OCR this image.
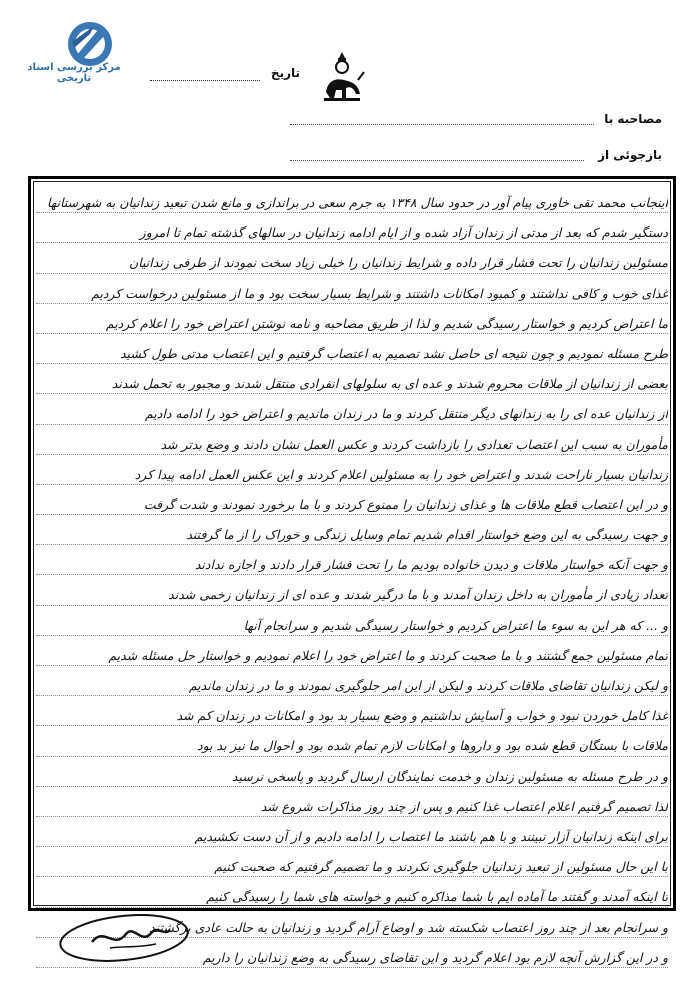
مرکز بررسی اسناد تاریخی	تاریخ
مصاحبه با
بازجوئی از
اینجانب محمد تقی خاوری پیام آور در حدود سال ۱۳۴۸ به جرم سعی در براندازی و مانع شدن تبعید زندانیان به شهرستانها
دستگیر شدم که بعد از مدتی از زندان آزاد شده و از ایام ادامه زندانیان در سالهای گذشته تمام تا امروز
مسئولین زندانیان را تحت فشار قرار داده و شرایط زندانیان را خیلی زیاد سخت نمودند از طرفی زندانیان
غذای خوب و کافی نداشتند و کمبود امکانات داشتند و شرایط بسیار سخت بود و ما از مسئولین درخواست کردیم
ما اعتراض کردیم و خواستار رسیدگی شدیم و لذا از طریق مصاحبه و نامه نوشتن اعتراض خود را اعلام کردیم
طرح مسئله نمودیم و چون نتیجه ای حاصل نشد تصمیم به اعتصاب گرفتیم و این اعتصاب مدتی طول کشید
بعضی از زندانیان از ملاقات محروم شدند و عده ای به سلولهای انفرادی منتقل شدند و مجبور به تحمل شدند
از زندانیان عده ای را به زندانهای دیگر منتقل کردند و ما در زندان ماندیم و اعتراض خود را ادامه دادیم
مأموران به سبب این اعتصاب تعدادی را بازداشت کردند و عکس العمل نشان دادند و وضع بدتر شد
زندانیان بسیار ناراحت شدند و اعتراض خود را به مسئولین اعلام کردند و این عکس العمل ادامه پیدا کرد
و در این اعتصاب قطع ملاقات ها و غذای زندانیان را ممنوع کردند و با ما برخورد نمودند و شدت گرفت
و جهت رسیدگی به این وضع خواستار اقدام شدیم تمام وسایل زندگی و خوراک را از ما گرفتند
و جهت آنکه خواستار ملاقات و دیدن خانواده بودیم ما را تحت فشار قرار دادند و اجازه ندادند
تعداد زیادی از مأموران به داخل زندان آمدند و با ما درگیر شدند و عده ای از زندانیان زخمی شدند
و ... که هر این به سوء ما اعتراض کردیم و خواستار رسیدگی شدیم و سرانجام آنها
تمام مسئولین جمع گشتند و با ما صحبت کردند و ما اعتراض خود را اعلام نمودیم و خواستار حل مسئله شدیم
و لیکن زندانیان تقاضای ملاقات کردند و لیکن از این امر جلوگیری نمودند و ما در زندان ماندیم
غذا کامل خوردن نبود و خواب و آسایش نداشتیم و وضع بسیار بد بود و امکانات در زندان کم شد
ملاقات با بستگان قطع شده بود و داروها و امکانات لازم تمام شده بود و احوال ما نیز بد بود
و در طرح مسئله به مسئولین زندان و خدمت نمایندگان ارسال گردید و پاسخی نرسید
لذا تصمیم گرفتیم اعلام اعتصاب غذا کنیم و پس از چند روز مذاکرات شروع شد
برای اینکه زندانیان آزار نبینند و با هم باشند ما اعتصاب را ادامه دادیم و از آن دست نکشیدیم
با این حال مسئولین از تبعید زندانیان جلوگیری نکردند و ما تصمیم گرفتیم که صحبت کنیم
تا اینکه آمدند و گفتند ما آماده ایم با شما مذاکره کنیم و خواسته های شما را رسیدگی کنیم
و سرانجام بعد از چند روز اعتصاب شکسته شد و اوضاع آرام گردید و زندانیان به حالت عادی برگشتند
و در این گزارش آنچه لازم بود اعلام گردید و این تقاضای رسیدگی به وضع زندانیان را داریم
